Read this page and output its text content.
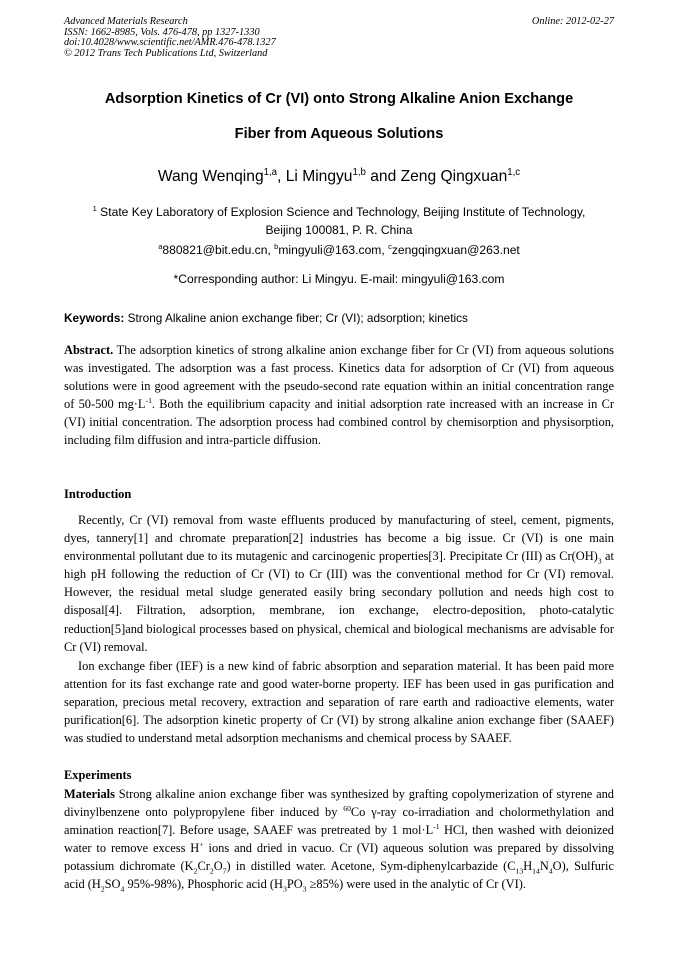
Advanced Materials Research
ISSN: 1662-8985, Vols. 476-478, pp 1327-1330
doi:10.4028/www.scientific.net/AMR.476-478.1327
© 2012 Trans Tech Publications Ltd, Switzerland
Online: 2012-02-27
Adsorption Kinetics of Cr (VI) onto Strong Alkaline Anion Exchange
Fiber from Aqueous Solutions
Wang Wenqing$^{1,a}$, Li Mingyu$^{1,b}$ and Zeng Qingxuan$^{1,c}$
$^1$ State Key Laboratory of Explosion Science and Technology, Beijing Institute of Technology,
Beijing 100081, P. R. China
$^a$880821@bit.edu.cn, $^b$mingyuli@163.com, $^c$zengqingxuan@263.net
*Corresponding author: Li Mingyu. E-mail: mingyuli@163.com
Keywords: Strong Alkaline anion exchange fiber; Cr (VI); adsorption; kinetics
Abstract. The adsorption kinetics of strong alkaline anion exchange fiber for Cr (VI) from aqueous solutions was investigated. The adsorption was a fast process. Kinetics data for adsorption of Cr (VI) from aqueous solutions were in good agreement with the pseudo-second rate equation within an initial concentration range of 50-500 $mg\cdot L^{-1}$. Both the equilibrium capacity and initial adsorption rate increased with an increase in Cr (VI) initial concentration. The adsorption process had combined control by chemisorption and physisorption, including film diffusion and intra-particle diffusion.
Introduction
Recently, Cr (VI) removal from waste effluents produced by manufacturing of steel, cement, pigments, dyes, tannery[1] and chromate preparation[2] industries has become a big issue. Cr (VI) is one main environmental pollutant due to its mutagenic and carcinogenic properties[3]. Precipitate Cr (III) as $Cr(OH)_3$ at high pH following the reduction of Cr (VI) to Cr (III) was the conventional method for Cr (VI) removal. However, the residual metal sludge generated easily bring secondary pollution and needs high cost to disposal[4]. Filtration, adsorption, membrane, ion exchange, electro-deposition, photo-catalytic reduction[5]and biological processes based on physical, chemical and biological mechanisms are advisable for Cr (VI) removal.
Ion exchange fiber (IEF) is a new kind of fabric absorption and separation material. It has been paid more attention for its fast exchange rate and good water-borne property. IEF has been used in gas purification and separation, precious metal recovery, extraction and separation of rare earth and radioactive elements, water purification[6]. The adsorption kinetic property of Cr (VI) by strong alkaline anion exchange fiber (SAAEF) was studied to understand metal adsorption mechanisms and chemical process by SAAEF.
Experiments
Materials Strong alkaline anion exchange fiber was synthesized by grafting copolymerization of styrene and divinylbenzene onto polypropylene fiber induced by $^{60}$Co γ-ray co-irradiation and cholormethylation and amination reaction[7]. Before usage, SAAEF was pretreated by 1 $mol\cdot L^{-1}$ HCl, then washed with deionized water to remove excess H+ ions and dried in vacuo. Cr (VI) aqueous solution was prepared by dissolving potassium dichromate $(K_2Cr_2O_7)$ in distilled water. Acetone, Sym-diphenylcarbazide $(C_{13}H_{14}N_4O)$, Sulfuric acid ($H_2SO_4$ 95%-98%), Phosphoric acid $(H_3PO_3 \ge 85\%)$ were used in the analytic of Cr (VI).
